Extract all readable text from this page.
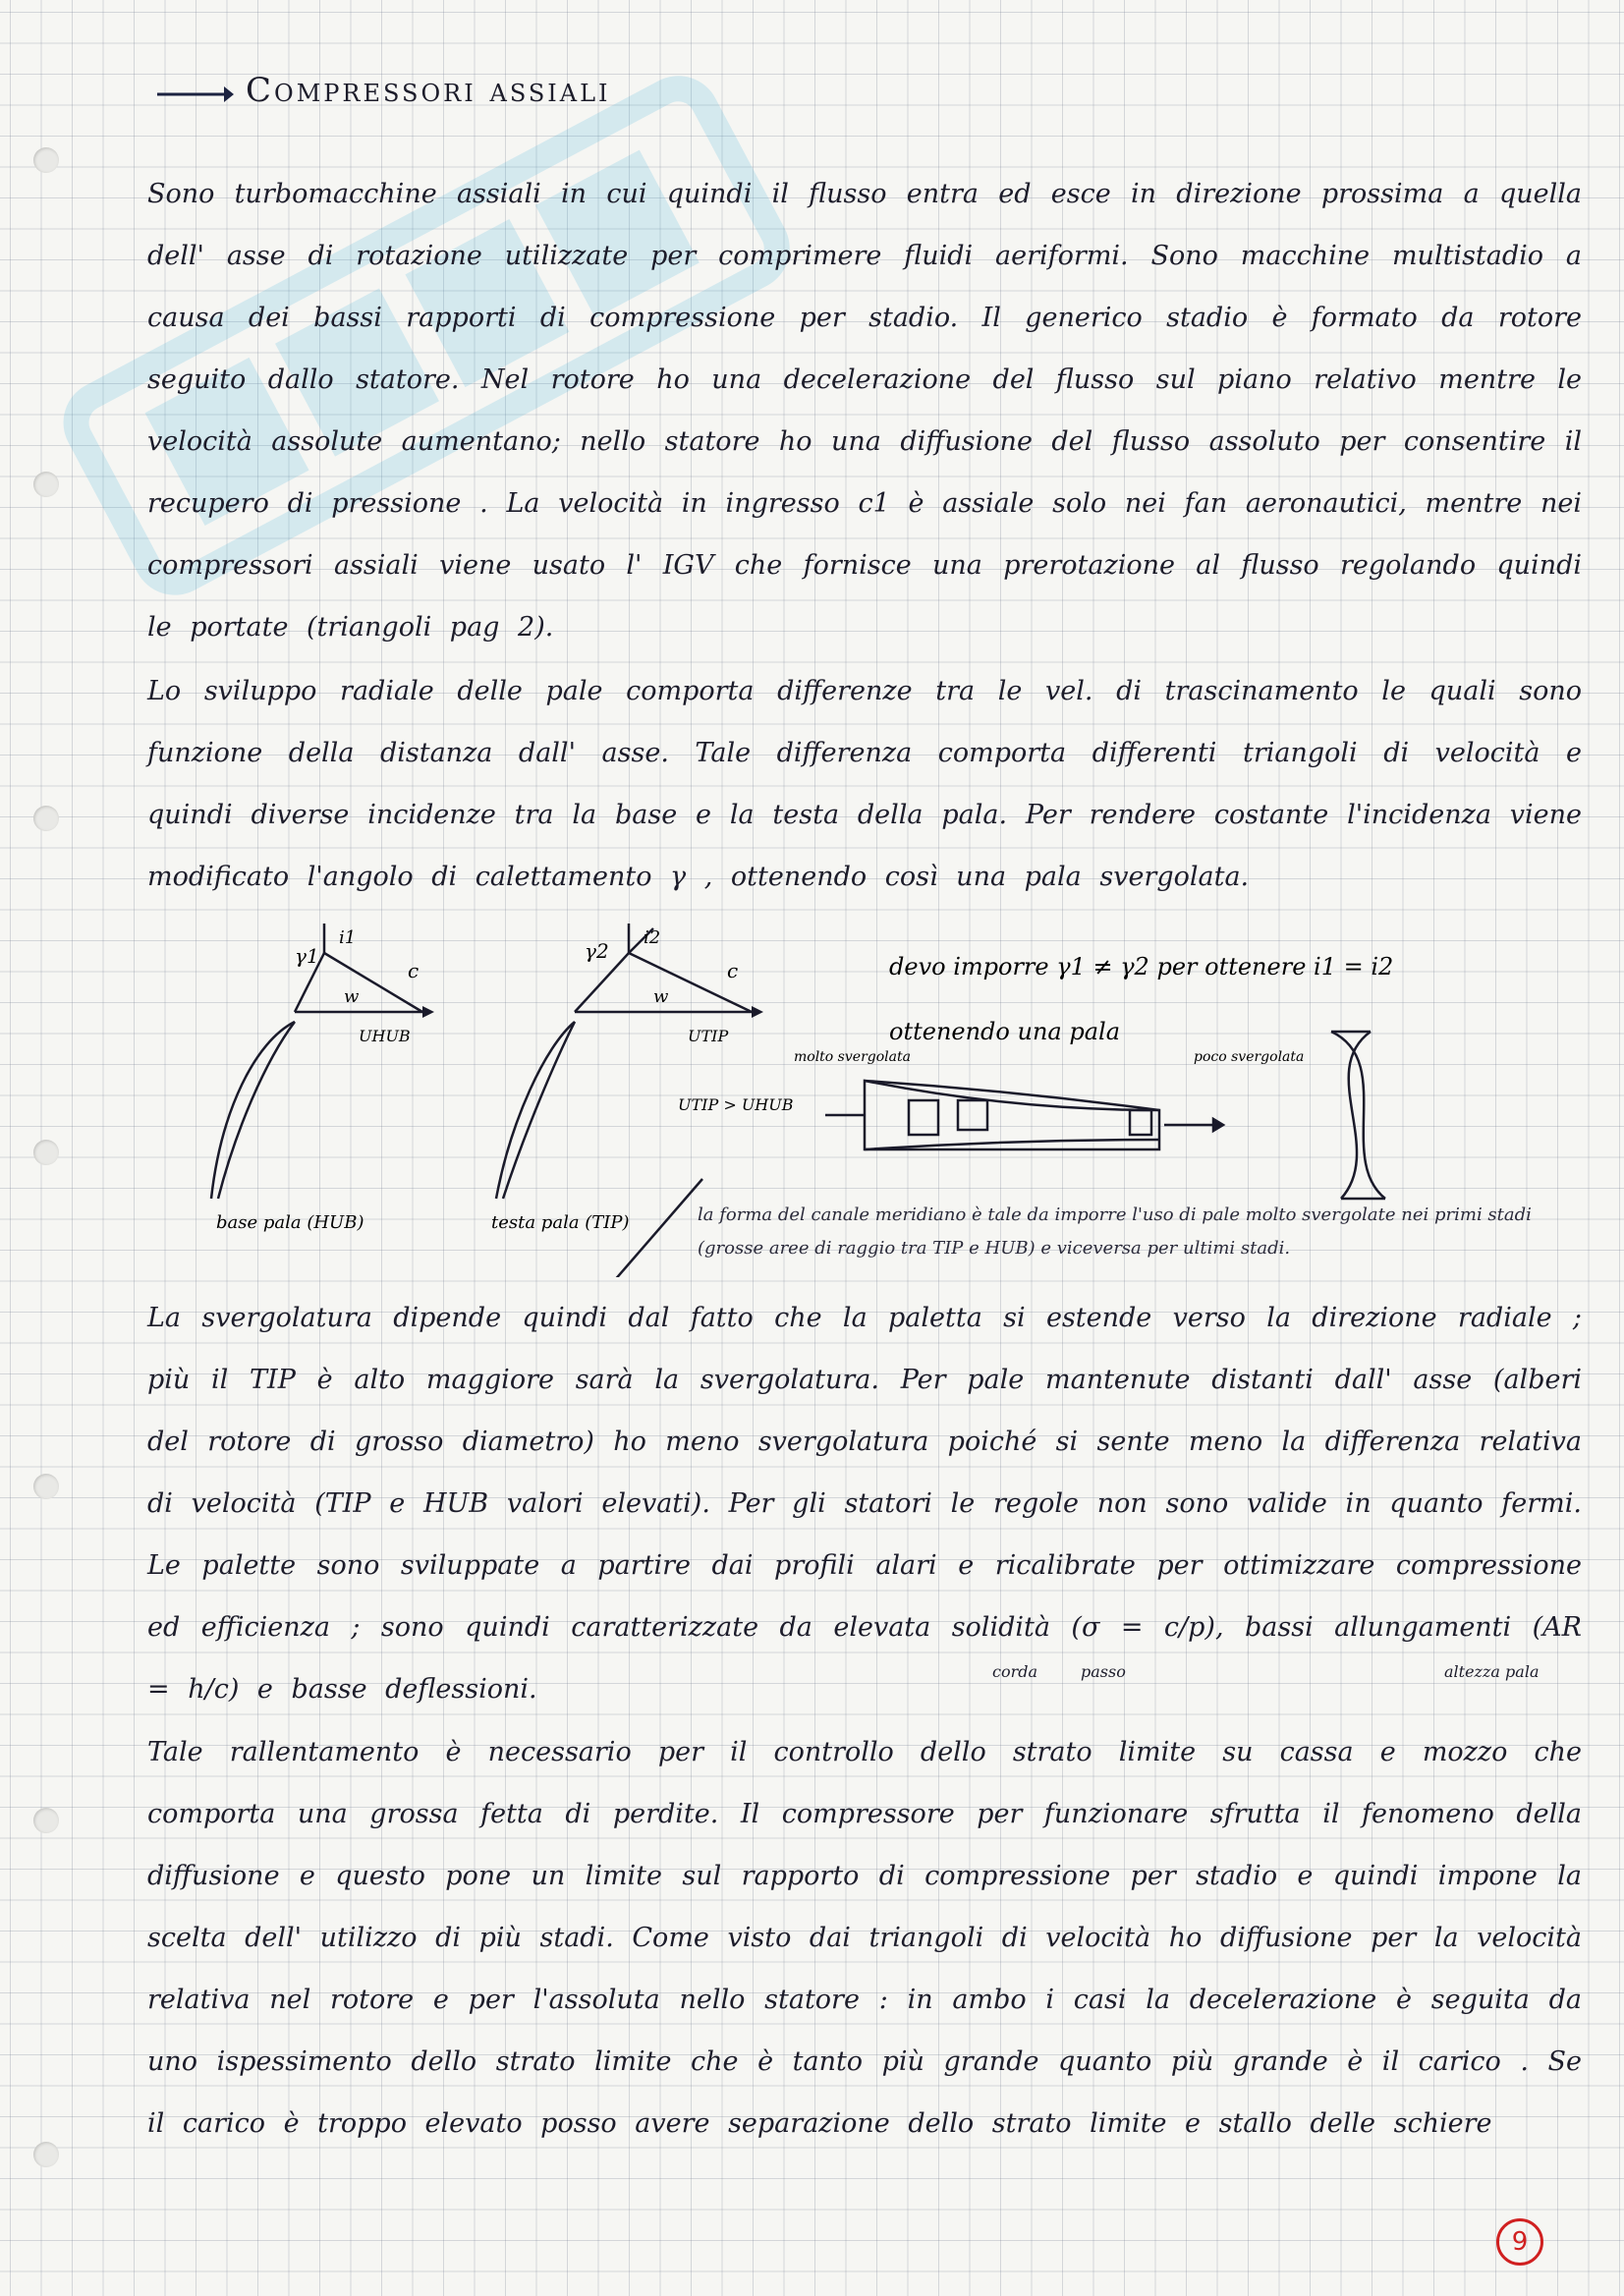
Compressori assiali
Sono turbomacchine assiali in cui quindi il flusso entra ed esce in direzione prossima a quella dell' asse di rotazione utilizzate per comprimere fluidi aeriformi. Sono macchine multistadio a causa dei bassi rapporti di compressione per stadio. Il generico stadio è formato da rotore seguito dallo statore. Nel rotore ho una decelerazione del flusso sul piano relativo mentre le velocità assolute aumentano; nello statore ho una diffusione del flusso assoluto per consentire il recupero di pressione . La velocità in ingresso c1 è assiale solo nei fan aeronautici, mentre nei compressori assiali viene usato l' IGV che fornisce una prerotazione al flusso regolando quindi le portate (triangoli pag 2).
Lo sviluppo radiale delle pale comporta differenze tra le vel. di trascinamento le quali sono funzione della distanza dall' asse. Tale differenza comporta differenti triangoli di velocità e quindi diverse incidenze tra la base e la testa della pala. Per rendere costante l'incidenza viene modificato l'angolo di calettamento γ , ottenendo così una pala svergolata.
γ1
i1
c
w
UHUB
base pala (HUB)
γ2
i2
c
w
UTIP
testa pala (TIP)
devo imporre γ1 ≠ γ2 per ottenere i1 = i2
ottenendo una pala
molto svergolata	poco svergolata
UTIP > UHUB
la forma del canale meridiano è tale da imporre l'uso di pale molto svergolate nei primi stadi (grosse aree di raggio tra TIP e HUB) e viceversa per ultimi stadi.
La svergolatura dipende quindi dal fatto che la paletta si estende verso la direzione radiale ; più il TIP è alto maggiore sarà la svergolatura. Per pale mantenute distanti dall' asse (alberi del rotore di grosso diametro) ho meno svergolatura poiché si sente meno la differenza relativa di velocità (TIP e HUB valori elevati). Per gli statori le regole non sono valide in quanto fermi. Le palette sono sviluppate a partire dai profili alari e ricalibrate per ottimizzare compressione ed efficienza ; sono quindi caratterizzate da elevata solidità (σ = c/p), bassi allungamenti (AR = h/c) e basse deflessioni.
corda	passo	altezza pala
Tale rallentamento è necessario per il controllo dello strato limite su cassa e mozzo che comporta una grossa fetta di perdite. Il compressore per funzionare sfrutta il fenomeno della diffusione e questo pone un limite sul rapporto di compressione per stadio e quindi impone la scelta dell' utilizzo di più stadi. Come visto dai triangoli di velocità ho diffusione per la velocità relativa nel rotore e per l'assoluta nello statore : in ambo i casi la decelerazione è seguita da uno ispessimento dello strato limite che è tanto più grande quanto più grande è il carico . Se il carico è troppo elevato posso avere separazione dello strato limite e stallo delle schiere
9
